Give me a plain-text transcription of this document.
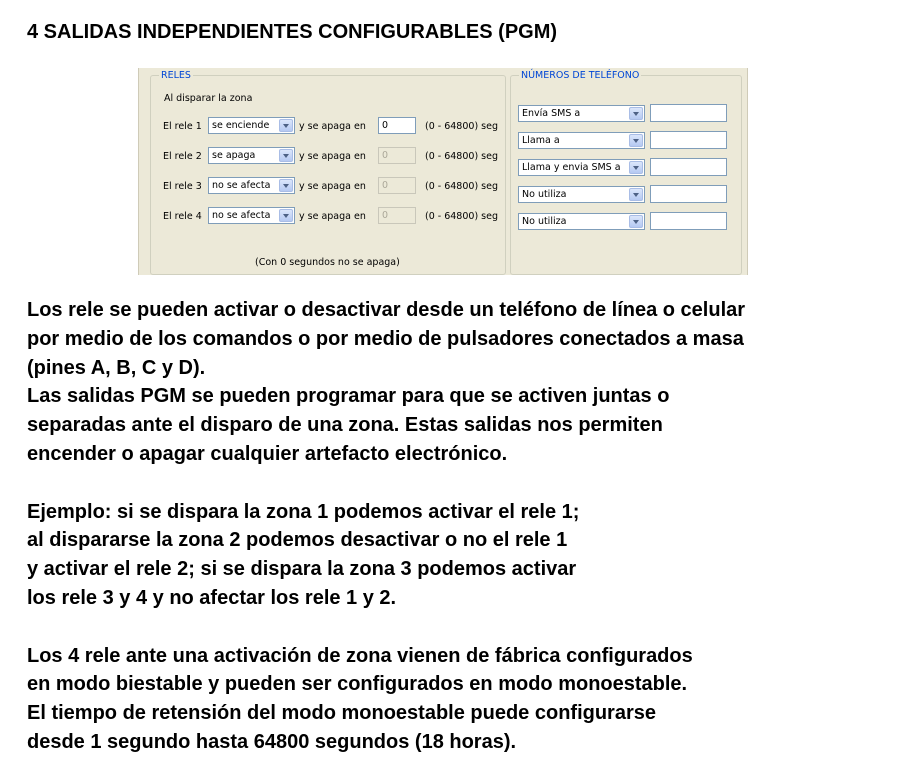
4 SALIDAS INDEPENDIENTES CONFIGURABLES (PGM)
RELES
Al disparar la zona
El rele 1 se enciende	y se apaga en 0	(0 - 64800) seg
El rele 2 se apaga	y se apaga en 0	(0 - 64800) seg
El rele 3 no se afecta	y se apaga en 0	(0 - 64800) seg
El rele 4 no se afecta	y se apaga en 0	(0 - 64800) seg
(Con 0 segundos no se apaga)
NÚMEROS DE TELÉFONO
Envía SMS a
Llama a
Llama y envia SMS a
No utiliza
No utiliza
Los rele se pueden activar o desactivar desde un teléfono de línea o celular
por medio de los comandos o por medio de pulsadores conectados a masa
(pines A, B, C y D).
Las salidas PGM se pueden programar para que se activen juntas o
separadas ante el disparo de una zona. Estas salidas nos permiten
encender o apagar cualquier artefacto electrónico.
Ejemplo: si se dispara la zona 1 podemos activar el rele 1;
al dispararse la zona 2 podemos desactivar o no el rele 1
y activar el rele 2; si se dispara la zona 3 podemos activar
los rele 3 y 4 y no afectar los rele 1 y 2.
Los 4 rele ante una activación de zona vienen de fábrica configurados
en modo biestable y pueden ser configurados en modo monoestable.
El tiempo de retensión del modo monoestable puede configurarse
desde 1 segundo hasta 64800 segundos (18 horas).
